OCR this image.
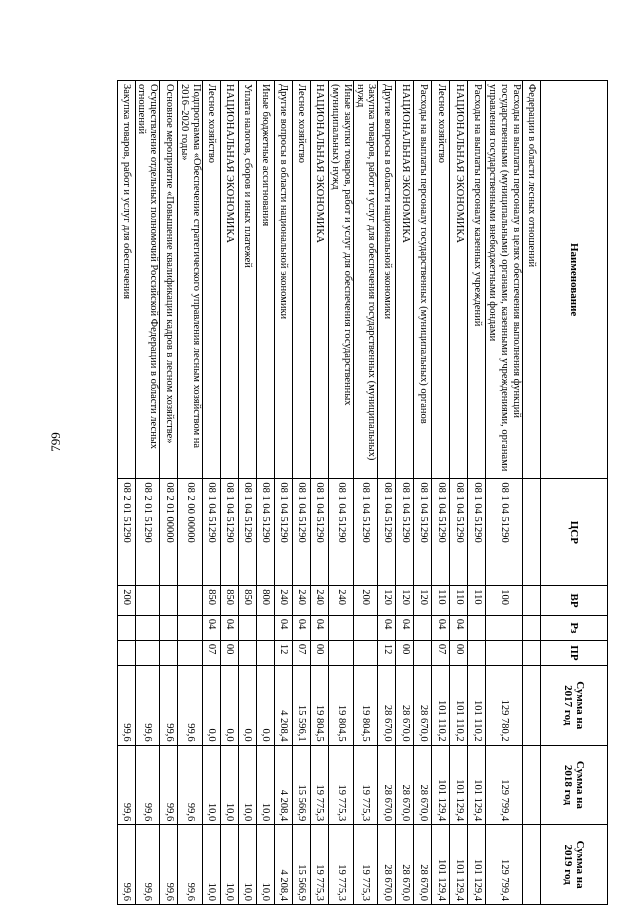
799
Наименование	ЦСР	ВР	Рз	ПР	Сумма на 2017 год	Сумма на 2018 год	Сумма на 2019 год
Федерации в области лесных отношений							
Расходы на выплаты персоналу в целях обеспечения выполнения функций государственными (муниципальными) органами, казенными учреждениями, органами управления государственными внебюджетными фондами	08 1 04 51290	100			129 780,2	129 799,4	129 799,4
Расходы на выплаты персоналу казенных учреждений	08 1 04 51290	110			101 110,2	101 129,4	101 129,4
НАЦИОНАЛЬНАЯ ЭКОНОМИКА	08 1 04 51290	110	04	00	101 110,2	101 129,4	101 129,4
Лесное хозяйство	08 1 04 51290	110	04	07	101 110,2	101 129,4	101 129,4
Расходы на выплаты персоналу государственных (муниципальных) органов	08 1 04 51290	120			28 670,0	28 670,0	28 670,0
НАЦИОНАЛЬНАЯ ЭКОНОМИКА	08 1 04 51290	120	04	00	28 670,0	28 670,0	28 670,0
Другие вопросы в области национальной экономики	08 1 04 51290	120	04	12	28 670,0	28 670,0	28 670,0
Закупка товаров, работ и услуг для обеспечения государственных (муниципальных) нужд	08 1 04 51290	200			19 804,5	19 775,3	19 775,3
Иные закупки товаров, работ и услуг для обеспечения государственных (муниципальных) нужд	08 1 04 51290	240			19 804,5	19 775,3	19 775,3
НАЦИОНАЛЬНАЯ ЭКОНОМИКА	08 1 04 51290	240	04	00	19 804,5	19 775,3	19 775,3
Лесное хозяйство	08 1 04 51290	240	04	07	15 596,1	15 566,9	15 566,9
Другие вопросы в области национальной экономики	08 1 04 51290	240	04	12	4 208,4	4 208,4	4 208,4
Иные бюджетные ассигнования	08 1 04 51290	800			0,0	10,0	10,0
Уплата налогов, сборов и иных платежей	08 1 04 51290	850			0,0	10,0	10,0
НАЦИОНАЛЬНАЯ ЭКОНОМИКА	08 1 04 51290	850	04	00	0,0	10,0	10,0
Лесное хозяйство	08 1 04 51290	850	04	07	0,0	10,0	10,0
Подпрограмма «Обеспечение стратегического управления лесным хозяйством на 2016–2020 годы»	08 2 00 00000				99,6	99,6	99,6
Основное мероприятие «Повышение квалификации кадров в лесном хозяйстве»	08 2 01 00000				99,6	99,6	99,6
Осуществление отдельных полномочий Российской Федерации в области лесных отношений	08 2 01 51290				99,6	99,6	99,6
Закупка товаров, работ и услуг для обеспечения	08 2 01 51290	200			99,6	99,6	99,6
